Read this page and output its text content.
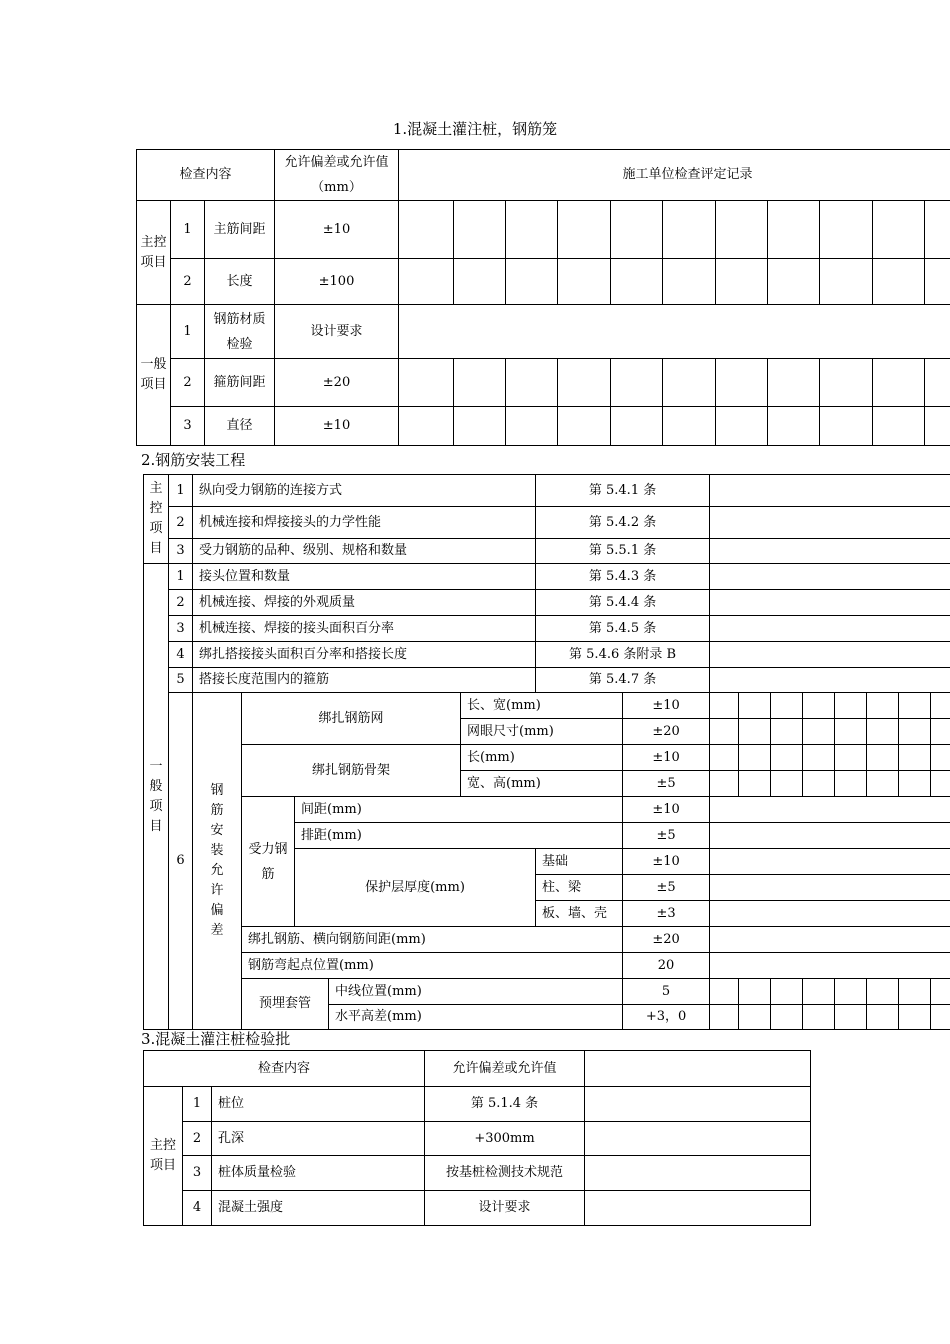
1.混凝土灌注桩，钢筋笼
检查内容			允许偏差或允许值（mm）	施工单位检查评定记录										
主控项目	1	主筋间距	±10											
	2	长度	±100											
一般项目	1	钢筋材质检验	设计要求											
	2	箍筋间距	±20											
	3	直径	±10											
2.钢筋安装工程
主控项目	1	纵向受力钢筋的连接方式					第 5.4.1 条													
	2	机械连接和焊接接头的力学性能					第 5.4.2 条													
	3	受力钢筋的品种、级别、规格和数量					第 5.5.1 条													
一般项目	1	接头位置和数量					第 5.4.3 条													
	2	机械连接、焊接的外观质量					第 5.4.4 条													
	3	机械连接、焊接的接头面积百分率					第 5.4.5 条													
	4	绑扎搭接接头面积百分率和搭接长度					第 5.4.6 条附录 B													
	5	搭接长度范围内的箍筋					第 5.4.7 条													
	6	钢筋安装允许偏差	绑扎钢筋网			长、宽(mm)		±10												
						网眼尺寸(mm)		±20												
			绑扎钢筋骨架			长(mm)		±10												
						宽、高(mm)		±5												
			受力钢筋	间距(mm)				±10												
				排距(mm)				±5												
				保护层厚度(mm)			基础	±10												
							柱、梁	±5												
							板、墙、壳	±3												
			绑扎钢筋、横向钢筋间距(mm)					±20												
			钢筋弯起点位置(mm)					20												
			预埋套管		中线位置(mm)			5												
					水平高差(mm)			+3，0												
3.混凝土灌注桩检验批
检查内容			允许偏差或允许值	
主控项目	1	桩位	第 5.1.4 条	
	2	孔深	+300mm	
	3	桩体质量检验	按基桩检测技术规范	
	4	混凝土强度	设计要求	
